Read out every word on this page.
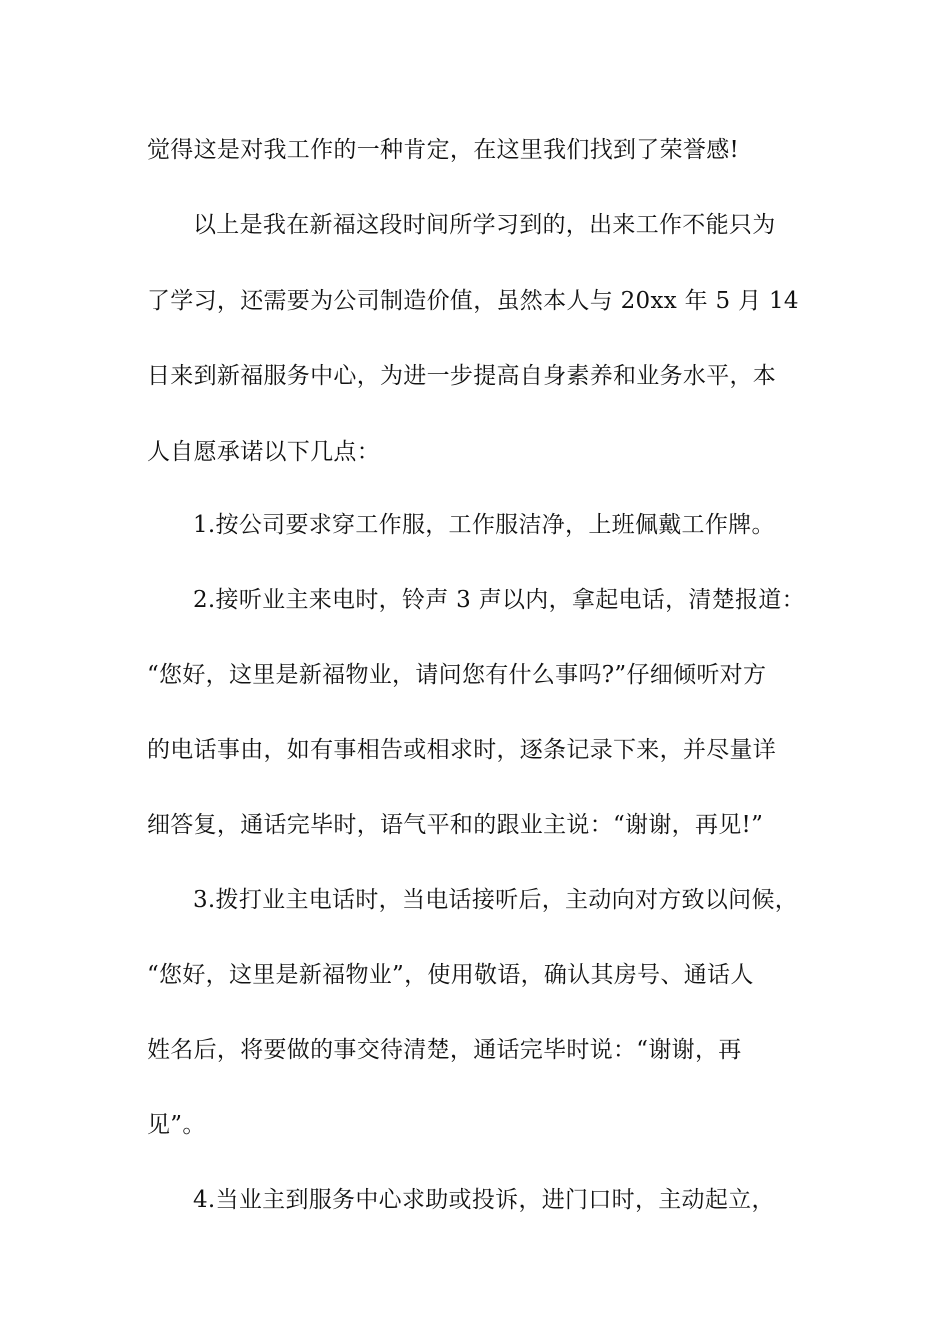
觉得这是对我工作的一种肯定，在这里我们找到了荣誉感!
以上是我在新福这段时间所学习到的，出来工作不能只为
了学习，还需要为公司制造价值，虽然本人与 20xx 年 5 月 14
日来到新福服务中心，为进一步提高自身素养和业务水平，本
人自愿承诺以下几点：
1.按公司要求穿工作服，工作服洁净，上班佩戴工作牌。
2.接听业主来电时，铃声 3 声以内，拿起电话，清楚报道：
“您好，这里是新福物业，请问您有什么事吗?”仔细倾听对方
的电话事由，如有事相告或相求时，逐条记录下来，并尽量详
细答复，通话完毕时，语气平和的跟业主说：“谢谢，再见!”
3.拨打业主电话时，当电话接听后，主动向对方致以问候，
“您好，这里是新福物业”，使用敬语，确认其房号、通话人
姓名后，将要做的事交待清楚，通话完毕时说：“谢谢，再
见”。
4.当业主到服务中心求助或投诉，进门口时，主动起立，
